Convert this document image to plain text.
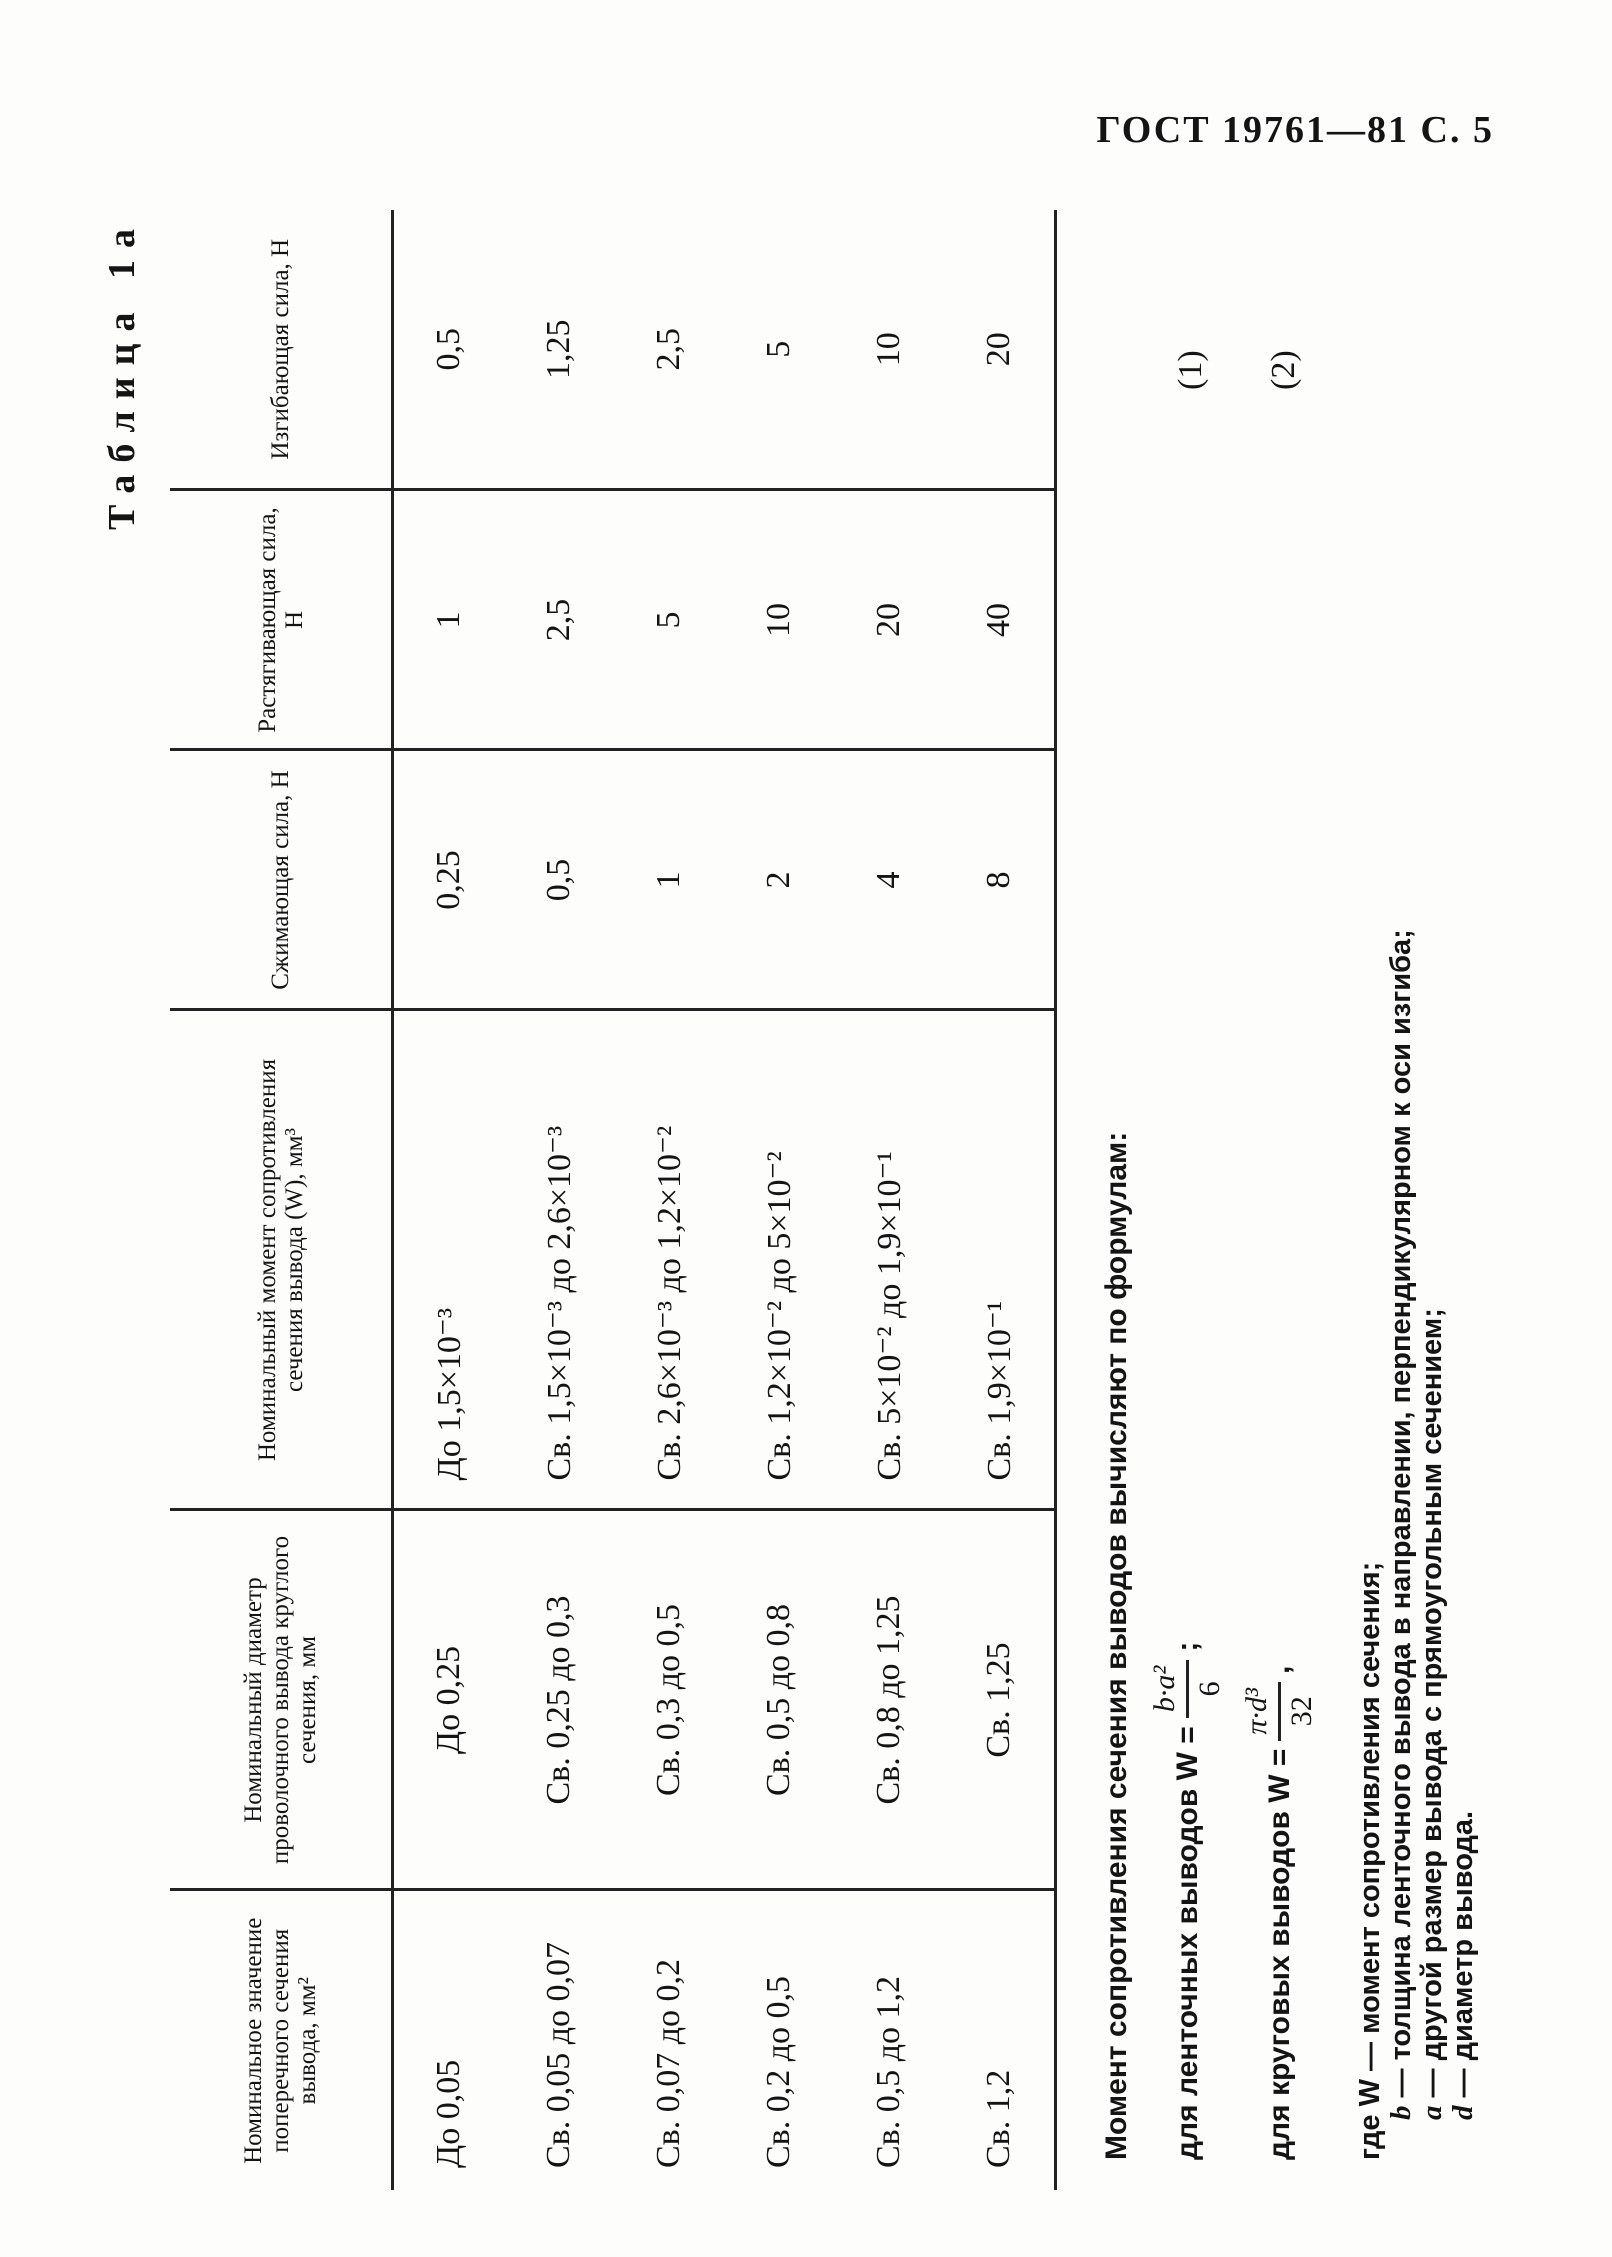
ГОСТ 19761—81 С. 5
Таблица 1а
Номинальное значение поперечного сечения вывода, мм²	Номинальный диаметр проволочного вывода круглого сечения, мм	Номинальный момент сопротивления сечения вывода (W), мм³	Сжимающая сила, Н	Растягивающая сила, Н	Изгибающая сила, Н
До 0,05	До 0,25	До 1,5×10⁻³	0,25	1	0,5
Св. 0,05 до 0,07	Св. 0,25 до 0,3	Св. 1,5×10⁻³ до 2,6×10⁻³	0,5	2,5	1,25
Св. 0,07 до 0,2	Св. 0,3 до 0,5	Св. 2,6×10⁻³ до 1,2×10⁻²	1	5	2,5
Св. 0,2 до 0,5	Св. 0,5 до 0,8	Св. 1,2×10⁻² до 5×10⁻²	2	10	5
Св. 0,5 до 1,2	Св. 0,8 до 1,25	Св. 5×10⁻² до 1,9×10⁻¹	4	20	10
Св. 1,2	Св. 1,25	Св. 1,9×10⁻¹	8	40	20
Момент сопротивления сечения выводов вычисляют по формулам: для ленточных выводов W =
b·a² 6
;
(1)
для круговых выводов W =
π·d³ 32
,
(2)
где W — момент сопротивления сечения;
b — толщина ленточного вывода в направлении, перпендикулярном к оси изгиба;
a — другой размер вывода с прямоугольным сечением;
d — диаметр вывода.
